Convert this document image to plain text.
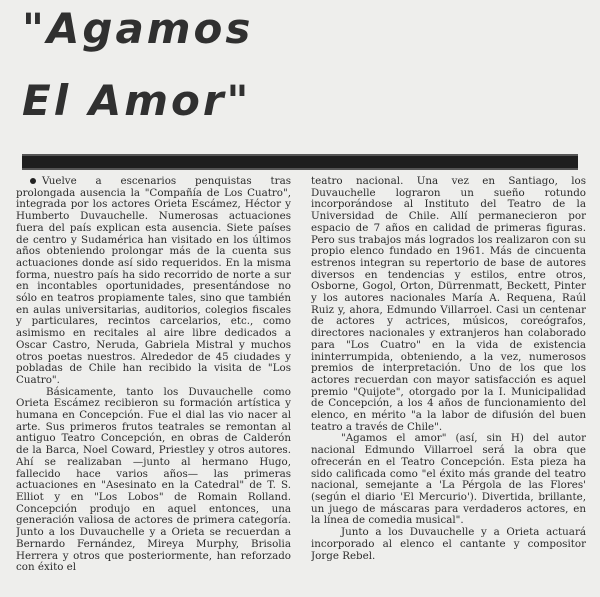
"Agamos
El Amor"

Vuelve a escenarios penquistas tras prolongada ausencia la "Compañía de Los Cuatro", integrada por los actores Orieta Escámez, Héctor y Humberto Duvauchelle. Numerosas actuaciones fuera del país explican esta ausencia. Siete países de centro y Sudamérica han visitado en los últimos años obteniendo prolongar más de la cuenta sus actuaciones donde así sido requeridos. En la misma forma, nuestro país ha sido recorrido de norte a sur en incontables oportunidades, presentándose no sólo en teatros propiamente tales, sino que también en aulas universitarias, auditorios, colegios fiscales y particulares, recintos carcelarios, etc., como asimismo en recitales al aire libre dedicados a Oscar Castro, Neruda, Gabriela Mistral y muchos otros poetas nuestros. Alrededor de 45 ciudades y pobladas de Chile han recibido la visita de "Los Cuatro".

Básicamente, tanto los Duvauchelle como Orieta Escámez recibieron su formación artística y humana en Concepción. Fue el dial las vio nacer al arte. Sus primeros frutos teatrales se remontan al antiguo Teatro Concepción, en obras de Calderón de la Barca, Noel Coward, Priestley y otros autores. Ahí se realizaban —junto al hermano Hugo, fallecido hace varios años— las primeras actuaciones en "Asesinato en la Catedral" de T. S. Elliot y en "Los Lobos" de Romain Rolland. Concepción produjo en aquel entonces, una generación valiosa de actores de primera categoría. Junto a los Duvauchelle y a Orieta se recuerdan a Bernardo Fernández, Mireya Murphy, Brisolia Herrera y otros que posteriormente, han reforzado con éxito el

teatro nacional. Una vez en Santiago, los Duvauchelle lograron un sueño rotundo incorporándose al Instituto del Teatro de la Universidad de Chile. Allí permanecieron por espacio de 7 años en calidad de primeras figuras. Pero sus trabajos más logrados los realizaron con su propio elenco fundado en 1961. Más de cincuenta estrenos integran su repertorio de base de autores diversos en tendencias y estilos, entre otros, Osborne, Gogol, Orton, Dürrenmatt, Beckett, Pinter y los autores nacionales María A. Requena, Raúl Ruiz y, ahora, Edmundo Villarroel. Casi un centenar de actores y actrices, músicos, coreógrafos, directores nacionales y extranjeros han colaborado para "Los Cuatro" en la vida de existencia ininterrumpida, obteniendo, a la vez, numerosos premios de interpretación. Uno de los que los actores recuerdan con mayor satisfacción es aquel premio "Quijote", otorgado por la I. Municipalidad de Concepción, a los 4 años de funcionamiento del elenco, en mérito "a la labor de difusión del buen teatro a través de Chile".

"Agamos el amor" (así, sin H) del autor nacional Edmundo Villarroel será la obra que ofrecerán en el Teatro Concepción. Esta pieza ha sido calificada como "el éxito más grande del teatro nacional, semejante a 'La Pérgola de las Flores' (según el diario 'El Mercurio'). Divertida, brillante, un juego de máscaras para verdaderos actores, en la línea de comedia musical".

Junto a los Duvauchelle y a Orieta actuará incorporado al elenco el cantante y compositor Jorge Rebel.
